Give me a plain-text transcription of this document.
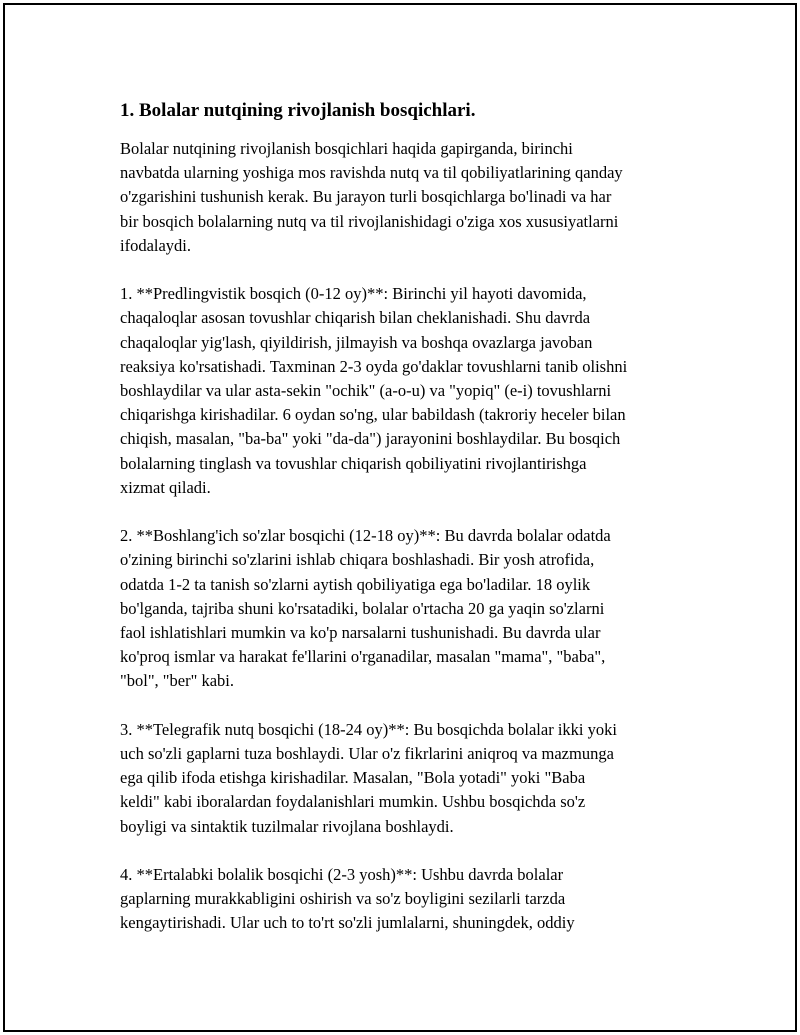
1. Bolalar nutqining rivojlanish bosqichlari.
Bolalar nutqining rivojlanish bosqichlari haqida gapirganda, birinchi
navbatda ularning yoshiga mos ravishda nutq va til qobiliyatlarining qanday
o'zgarishini tushunish kerak. Bu jarayon turli bosqichlarga bo'linadi va har
bir bosqich bolalarning nutq va til rivojlanishidagi o'ziga xos xususiyatlarni
ifodalaydi.
1. **Predlingvistik bosqich (0-12 oy)**: Birinchi yil hayoti davomida,
chaqaloqlar asosan tovushlar chiqarish bilan cheklanishadi. Shu davrda
chaqaloqlar yig'lash, qiyildirish, jilmayish va boshqa ovazlarga javoban
reaksiya ko'rsatishadi. Taxminan 2-3 oyda go'daklar tovushlarni tanib olishni
boshlaydilar va ular asta-sekin "ochik" (a-o-u) va "yopiq" (e-i) tovushlarni
chiqarishga kirishadilar. 6 oydan so'ng, ular babildash (takroriy heceler bilan
chiqish, masalan, "ba-ba" yoki "da-da") jarayonini boshlaydilar. Bu bosqich
bolalarning tinglash va tovushlar chiqarish qobiliyatini rivojlantirishga
xizmat qiladi.
2. **Boshlang'ich so'zlar bosqichi (12-18 oy)**: Bu davrda bolalar odatda
o'zining birinchi so'zlarini ishlab chiqara boshlashadi. Bir yosh atrofida,
odatda 1-2 ta tanish so'zlarni aytish qobiliyatiga ega bo'ladilar. 18 oylik
bo'lganda, tajriba shuni ko'rsatadiki, bolalar o'rtacha 20 ga yaqin so'zlarni
faol ishlatishlari mumkin va ko'p narsalarni tushunishadi. Bu davrda ular
ko'proq ismlar va harakat fe'llarini o'rganadilar, masalan "mama", "baba",
"bol", "ber" kabi.
3. **Telegrafik nutq bosqichi (18-24 oy)**: Bu bosqichda bolalar ikki yoki
uch so'zli gaplarni tuza boshlaydi. Ular o'z fikrlarini aniqroq va mazmunga
ega qilib ifoda etishga kirishadilar. Masalan, "Bola yotadi" yoki "Baba
keldi" kabi iboralardan foydalanishlari mumkin. Ushbu bosqichda so'z
boyligi va sintaktik tuzilmalar rivojlana boshlaydi.
4. **Ertalabki bolalik bosqichi (2-3 yosh)**: Ushbu davrda bolalar
gaplarning murakkabligini oshirish va so'z boyligini sezilarli tarzda
kengaytirishadi. Ular uch to to'rt so'zli jumlalarni, shuningdek, oddiy
